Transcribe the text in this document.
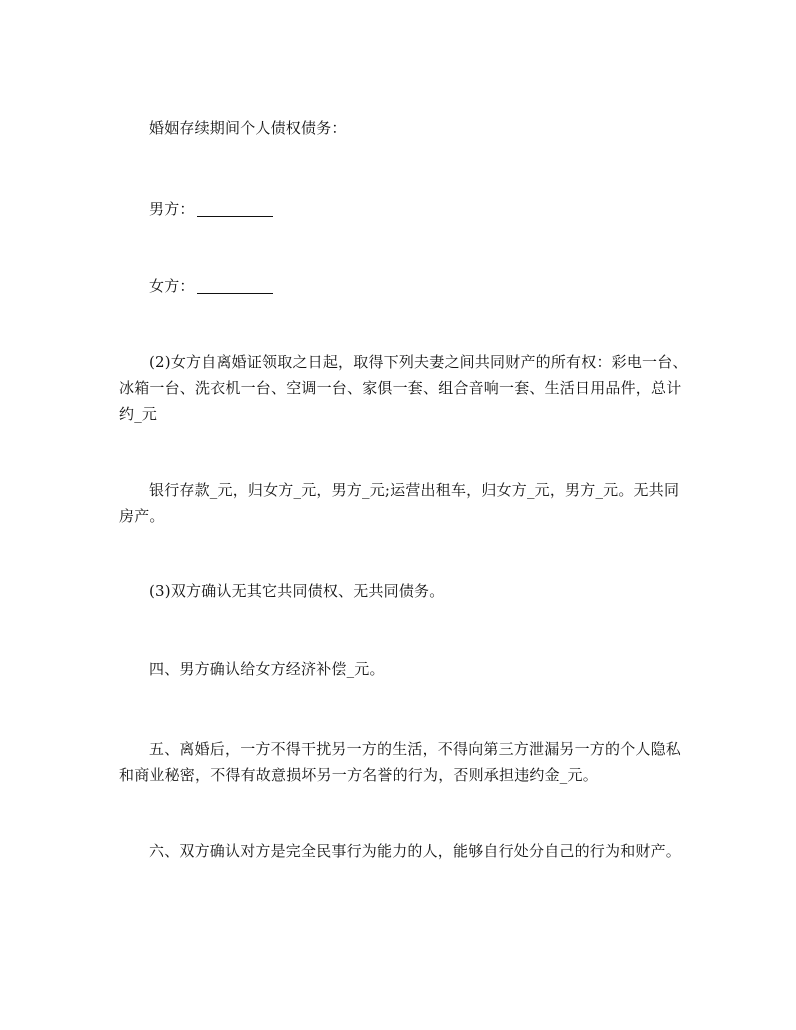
婚姻存续期间个人债权债务：

男方：

女方：

(2)女方自离婚证领取之日起，取得下列夫妻之间共同财产的所有权：彩电一台、冰箱一台、洗衣机一台、空调一台、家俱一套、组合音响一套、生活日用品件，总计约_元

银行存款_元，归女方_元，男方_元;运营出租车，归女方_元，男方_元。无共同房产。

(3)双方确认无其它共同债权、无共同债务。

四、男方确认给女方经济补偿_元。

五、离婚后，一方不得干扰另一方的生活，不得向第三方泄漏另一方的个人隐私和商业秘密，不得有故意损坏另一方名誉的行为，否则承担违约金_元。

六、双方确认对方是完全民事行为能力的人，能够自行处分自己的行为和财产。
